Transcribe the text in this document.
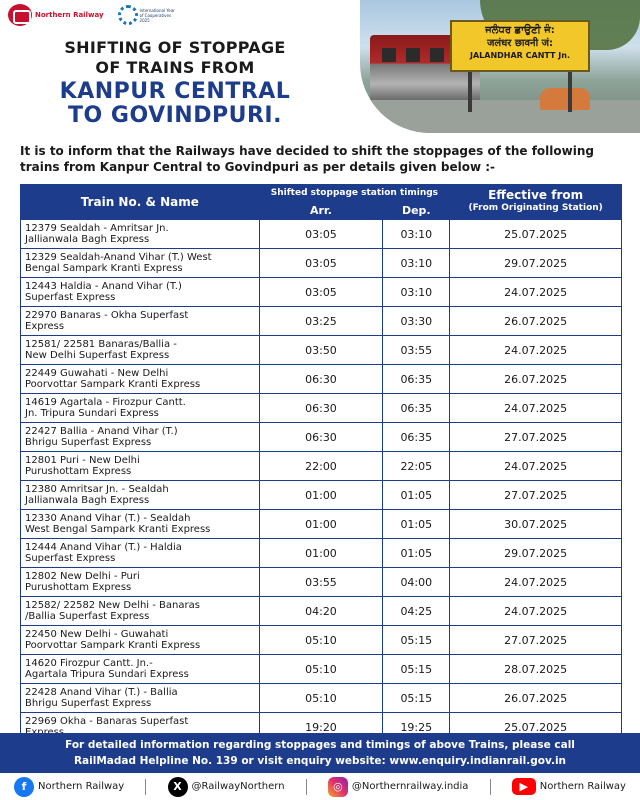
Northern Railway
International Year of Cooperatives 2025
SHIFTING OF STOPPAGE
OF TRAINS FROM
KANPUR CENTRAL
TO GOVINDPURI.
ਜਲੰਧਰ ਛਾਉਣੀ ਜੰ:
जलंधर छावनी जं:
JALANDHAR CANTT Jn.

It is to inform that the Railways have decided to shift the stoppages of the following trains from Kanpur Central to Govindpuri as per details given below :-

Train No. & Name	Shifted stoppage station timings		Effective from
(From Originating Station)

	Arr.	Dep.	

12379 Sealdah - Amritsar Jn.
Jallianwala Bagh Express	03:05	03:10	25.07.2025

12329 Sealdah-Anand Vihar (T.) West
Bengal Sampark Kranti Express	03:05	03:10	29.07.2025

12443 Haldia - Anand Vihar (T.)
Superfast Express	03:05	03:10	24.07.2025

22970 Banaras - Okha Superfast
Express	03:25	03:30	26.07.2025

12581/ 22581 Banaras/Ballia -
New Delhi Superfast Express	03:50	03:55	24.07.2025

22449 Guwahati - New Delhi
Poorvottar Sampark Kranti Express	06:30	06:35	26.07.2025

14619 Agartala - Firozpur Cantt.
Jn. Tripura Sundari Express	06:30	06:35	24.07.2025

22427 Ballia - Anand Vihar (T.)
Bhrigu Superfast Express	06:30	06:35	27.07.2025

12801 Puri - New Delhi
Purushottam Express	22:00	22:05	24.07.2025

12380 Amritsar Jn. - Sealdah
Jallianwala Bagh Express	01:00	01:05	27.07.2025

12330 Anand Vihar (T.) - Sealdah
West Bengal Sampark Kranti Express	01:00	01:05	30.07.2025

12444 Anand Vihar (T.) - Haldia
Superfast Express	01:00	01:05	29.07.2025

12802 New Delhi - Puri
Purushottam Express	03:55	04:00	24.07.2025

12582/ 22582 New Delhi - Banaras
/Ballia Superfast Express	04:20	04:25	24.07.2025

22450 New Delhi - Guwahati
Poorvottar Sampark Kranti Express	05:10	05:15	27.07.2025

14620 Firozpur Cantt. Jn.-
Agartala Tripura Sundari Express	05:10	05:15	28.07.2025

22428 Anand Vihar (T.) - Ballia
Bhrigu Superfast Express	05:10	05:15	26.07.2025

22969 Okha - Banaras Superfast	19:20	19:25	25.07.2025
For detailed information regarding stoppages and timings of above Trains, please call
RailMadad Helpline No. 139 or visit enquiry website: www.enquiry.indianrail.gov.in
f	Northern Railway	X @RailwayNorthern	◎ @Northernrailway.india	▶	Northern Railway
